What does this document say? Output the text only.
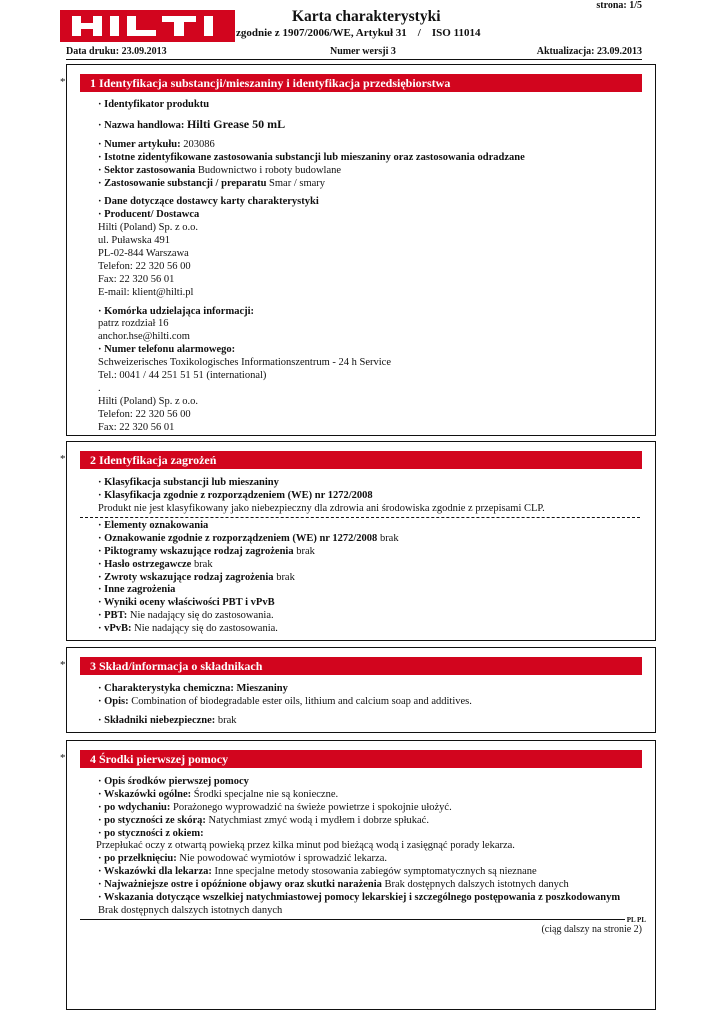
strona: 1/5
Karta charakterystyki
zgodnie z 1907/2006/WE, Artykuł 31    /    ISO 11014
Data druku: 23.09.2013	Numer wersji 3	Aktualizacja: 23.09.2013
*	1 Identyfikacja substancji/mieszaniny i identyfikacja przedsiębiorstwa
· Identyfikator produktu
· Nazwa handlowa: Hilti Grease 50 mL
· Numer artykułu: 203086
· Istotne zidentyfikowane zastosowania substancji lub mieszaniny oraz zastosowania odradzane
· Sektor zastosowania Budownictwo i roboty budowlane
· Zastosowanie substancji / preparatu Smar / smary
· Dane dotyczące dostawcy karty charakterystyki
· Producent/ Dostawca
Hilti (Poland) Sp. z o.o.
ul. Puławska 491
PL-02-844 Warszawa
Telefon: 22 320 56 00
Fax: 22 320 56 01
E-mail: klient@hilti.pl
· Komórka udzielająca informacji:
patrz rozdział 16
anchor.hse@hilti.com
· Numer telefonu alarmowego:
Schweizerisches Toxikologisches Informationszentrum - 24 h Service
Tel.: 0041 / 44 251 51 51 (international)
.
Hilti (Poland) Sp. z o.o.
Telefon: 22 320 56 00
Fax: 22 320 56 01
*	2 Identyfikacja zagrożeń
· Klasyfikacja substancji lub mieszaniny
· Klasyfikacja zgodnie z rozporządzeniem (WE) nr 1272/2008
Produkt nie jest klasyfikowany jako niebezpieczny dla zdrowia ani środowiska zgodnie z przepisami CLP.
· Elementy oznakowania
· Oznakowanie zgodnie z rozporządzeniem (WE) nr 1272/2008 brak
· Piktogramy wskazujące rodzaj zagrożenia brak
· Hasło ostrzegawcze brak
· Zwroty wskazujące rodzaj zagrożenia brak
· Inne zagrożenia
· Wyniki oceny właściwości PBT i vPvB
· PBT: Nie nadający się do zastosowania.
· vPvB: Nie nadający się do zastosowania.
*	3 Skład/informacja o składnikach
· Charakterystyka chemiczna: Mieszaniny
· Opis: Combination of biodegradable ester oils, lithium and calcium soap and additives.
· Składniki niebezpieczne: brak
*	4 Środki pierwszej pomocy
· Opis środków pierwszej pomocy
· Wskazówki ogólne: Środki specjalne nie są konieczne.
· po wdychaniu: Porażonego wyprowadzić na świeże powietrze i spokojnie ułożyć.
· po styczności ze skórą: Natychmiast zmyć wodą i mydłem i dobrze spłukać.
· po styczności z okiem:
Przepłukać oczy z otwartą powieką przez kilka minut pod bieżącą wodą i zasięgnąć porady lekarza.
· po przełknięciu: Nie powodować wymiotów i sprowadzić lekarza.
· Wskazówki dla lekarza: Inne specjalne metody stosowania zabiegów symptomatycznych są nieznane
· Najważniejsze ostre i opóźnione objawy oraz skutki narażenia Brak dostępnych dalszych istotnych danych
· Wskazania dotyczące wszelkiej natychmiastowej pomocy lekarskiej i szczególnego postępowania z poszkodowanym
Brak dostępnych dalszych istotnych danych
PL PL
(ciąg dalszy na stronie 2)
